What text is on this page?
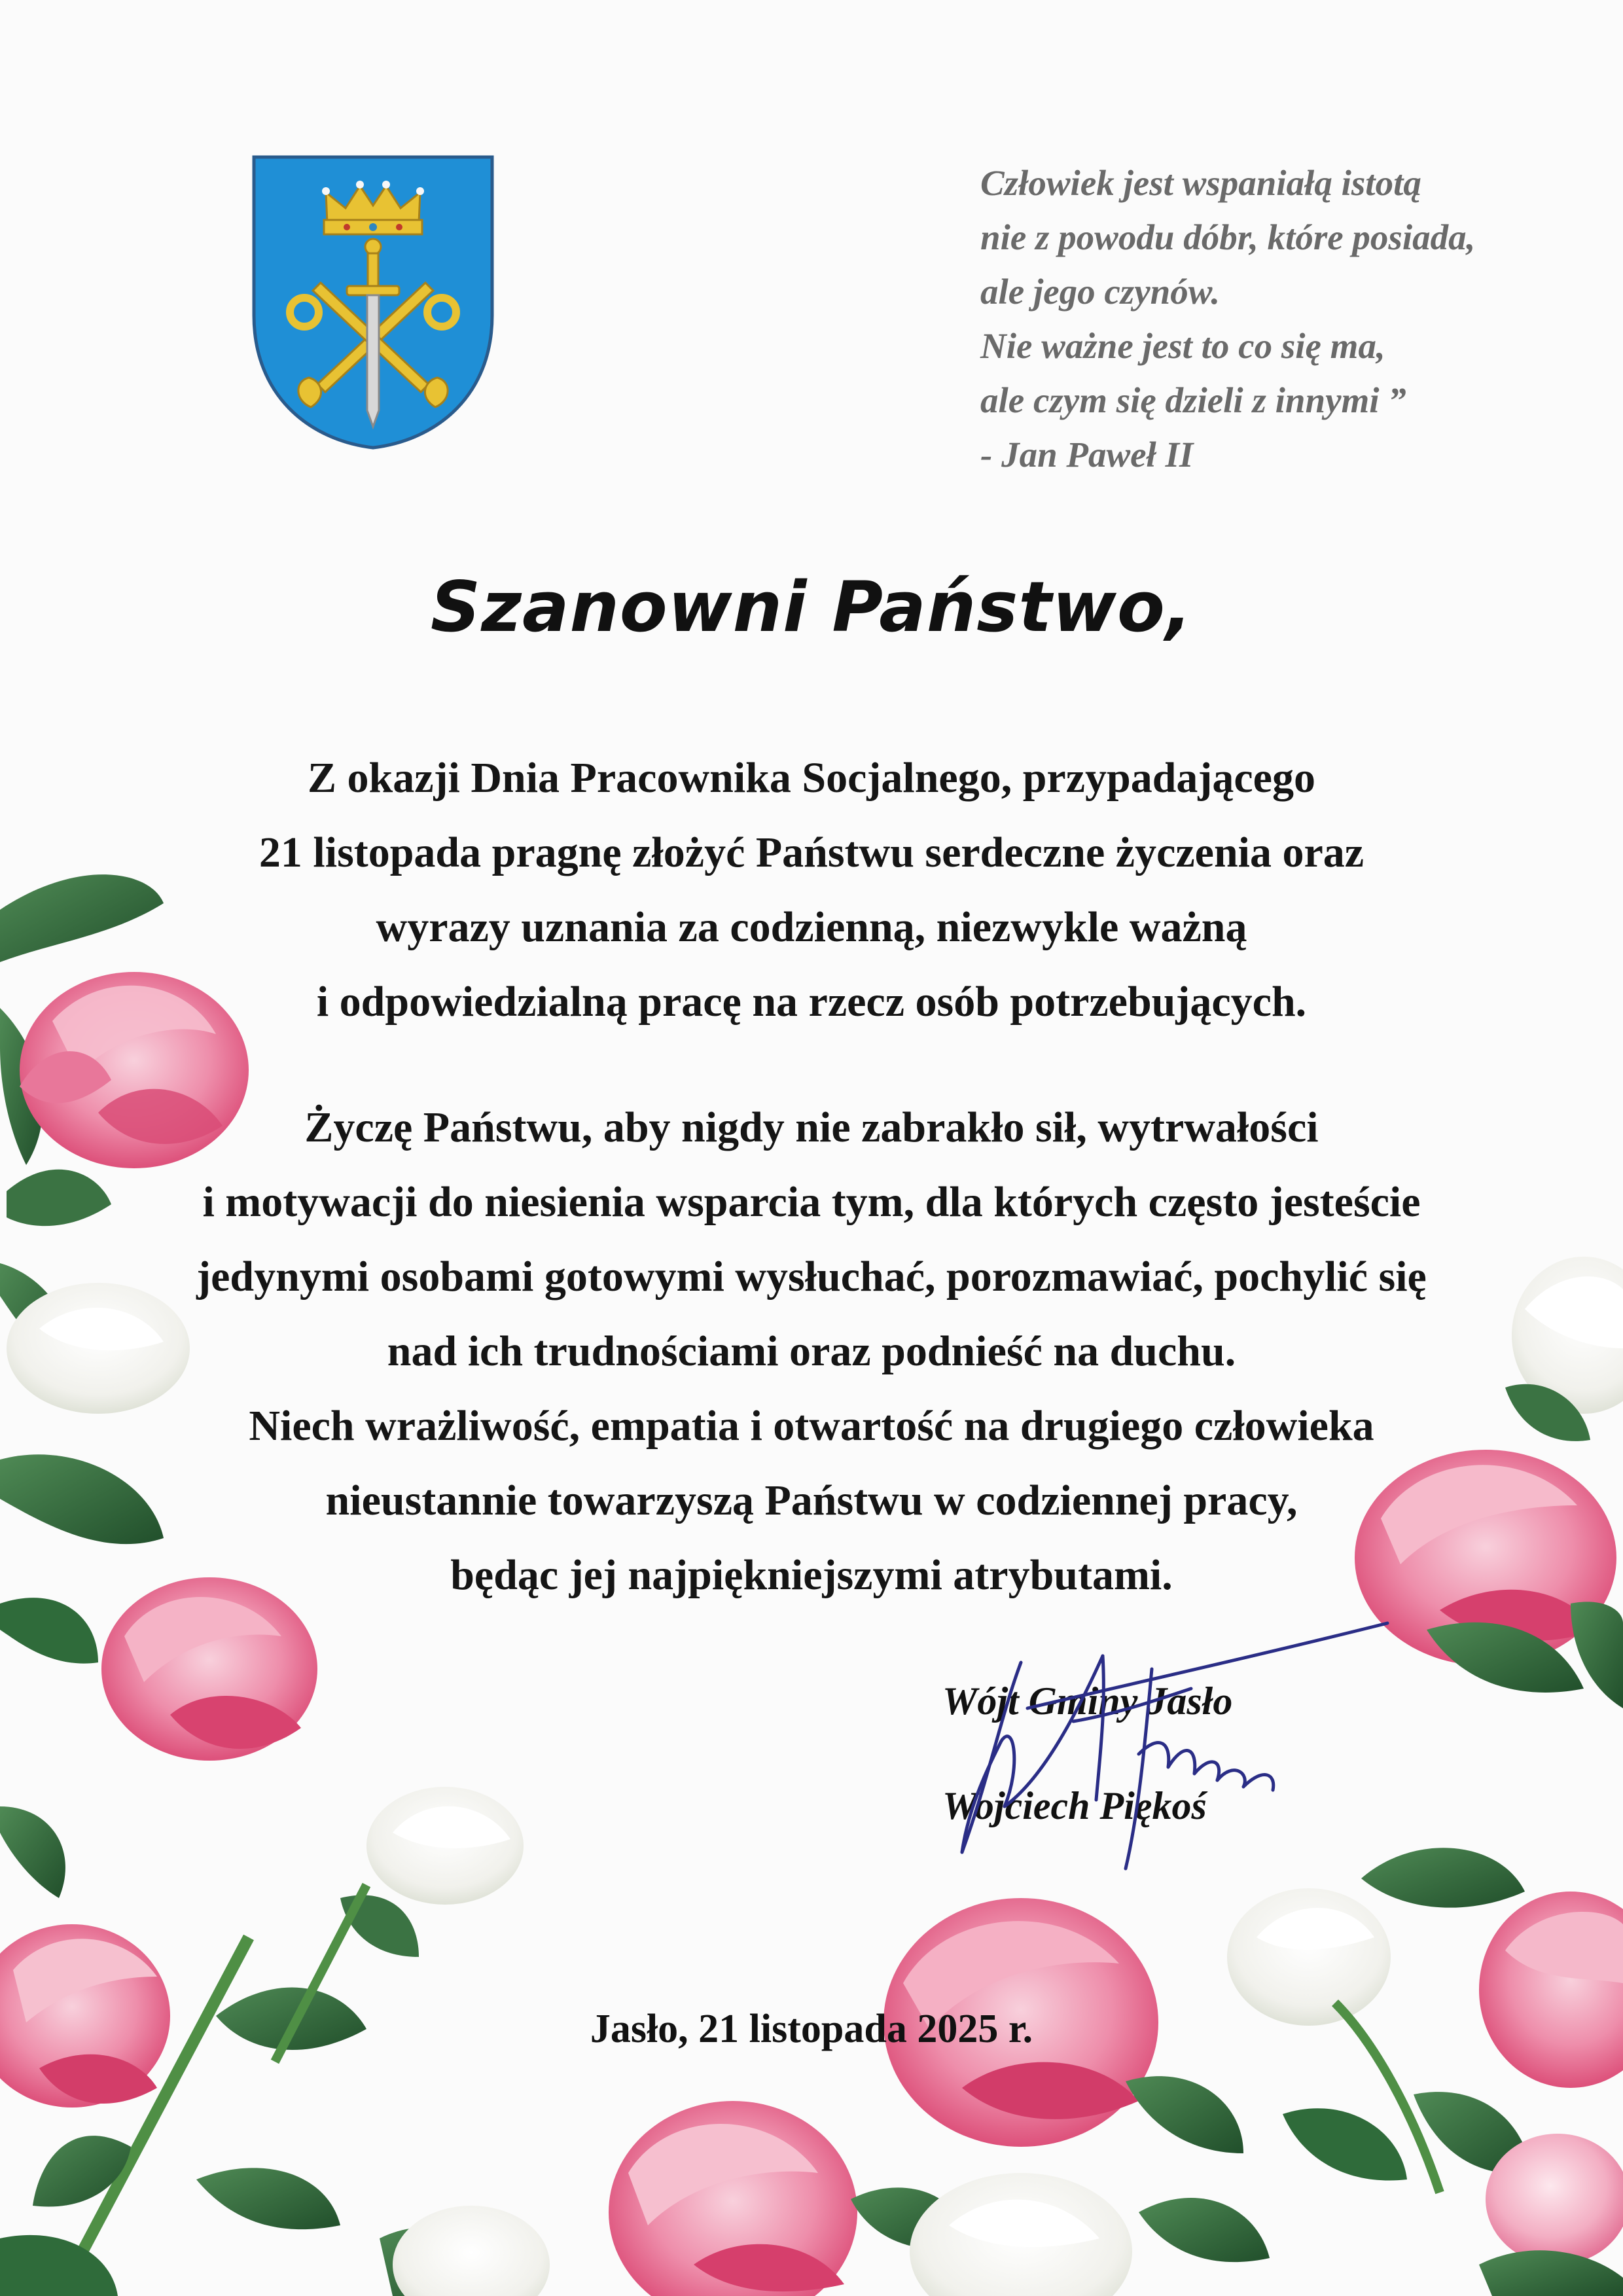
Człowiek jest wspaniałą istotą
nie z powodu dóbr, które posiada,
ale jego czynów.
Nie ważne jest to co się ma,
ale czym się dzieli z innymi ”
- Jan Paweł II
Szanowni Państwo,
Z okazji Dnia Pracownika Socjalnego, przypadającego
21 listopada pragnę złożyć Państwu serdeczne życzenia oraz
wyrazy uznania za codzienną, niezwykle ważną
i odpowiedzialną pracę na rzecz osób potrzebujących.
Życzę Państwu, aby nigdy nie zabrakło sił, wytrwałości
i motywacji do niesienia wsparcia tym, dla których często jesteście
jedynymi osobami gotowymi wysłuchać, porozmawiać, pochylić się
nad ich trudnościami oraz podnieść na duchu.
Niech wrażliwość, empatia i otwartość na drugiego człowieka
nieustannie towarzyszą Państwu w codziennej pracy,
będąc jej najpiękniejszymi atrybutami.
Wójt Gminy Jasło
Wojciech Piękoś
Jasło, 21 listopada 2025 r.
